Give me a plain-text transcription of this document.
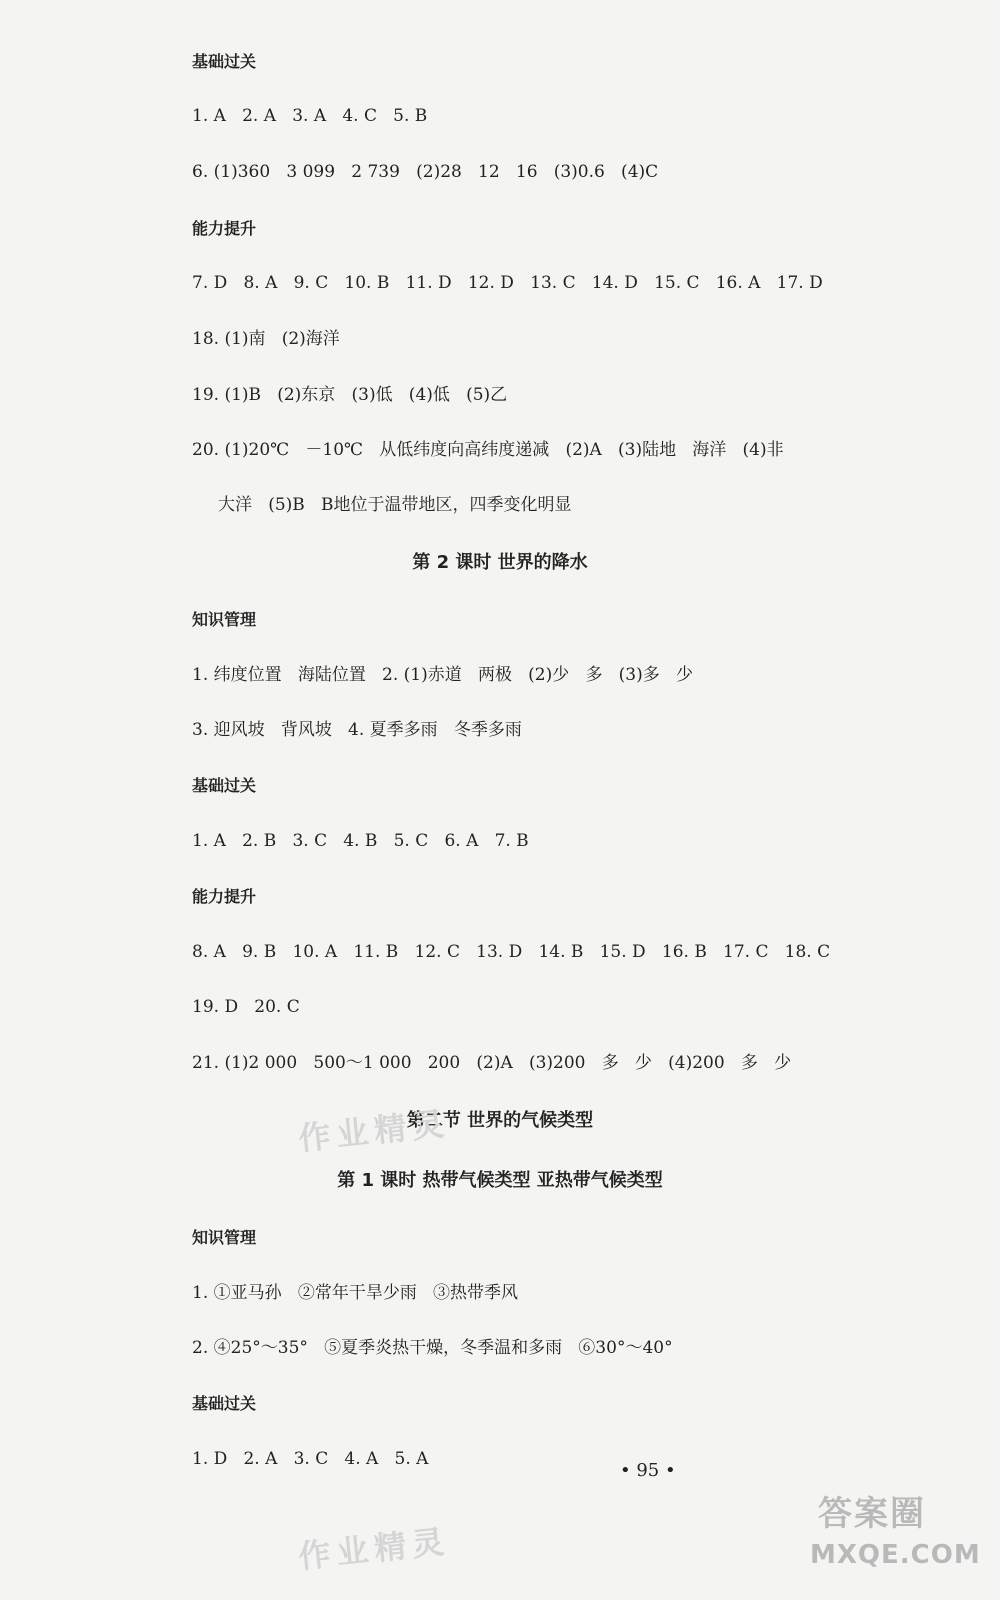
基础过关
1. A   2. A   3. A   4. C   5. B
6. (1)360   3 099   2 739   (2)28   12   16   (3)0.6   (4)C
能力提升
7. D   8. A   9. C   10. B   11. D   12. D   13. C   14. D   15. C   16. A   17. D
18. (1)南   (2)海洋
19. (1)B   (2)东京   (3)低   (4)低   (5)乙
20. (1)20℃   －10℃   从低纬度向高纬度递减   (2)A   (3)陆地   海洋   (4)非
大洋   (5)B   B地位于温带地区，四季变化明显
第 2 课时 世界的降水
知识管理
1. 纬度位置   海陆位置   2. (1)赤道   两极   (2)少   多   (3)多   少
3. 迎风坡   背风坡   4. 夏季多雨   冬季多雨
基础过关
1. A   2. B   3. C   4. B   5. C   6. A   7. B
能力提升
8. A   9. B   10. A   11. B   12. C   13. D   14. B   15. D   16. B   17. C   18. C
19. D   20. C
21. (1)2 000   500～1 000   200   (2)A   (3)200   多   少   (4)200   多   少
第二节 世界的气候类型
第 1 课时 热带气候类型 亚热带气候类型
知识管理
1. ①亚马孙   ②常年干旱少雨   ③热带季风
2. ④25°～35°   ⑤夏季炎热干燥，冬季温和多雨   ⑥30°～40°
基础过关
1. D   2. A   3. C   4. A   5. A
• 95 •
作业精灵
作业精灵
答案圈
MXQE.COM
